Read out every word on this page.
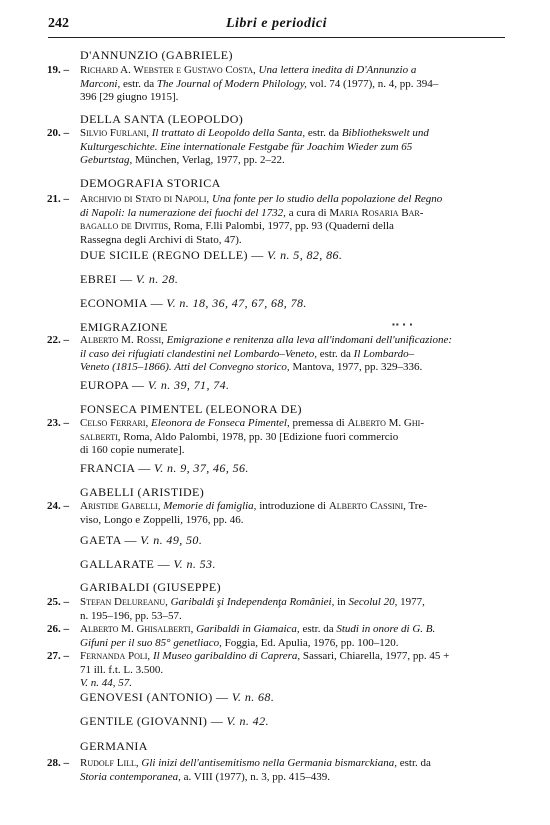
242	Libri e periodici
D'ANNUNZIO (GABRIELE)
19. – Richard A. Webster e Gustavo Costa, Una lettera inedita di D'Annunzio a
Marconi, estr. da The Journal of Modern Philology, vol. 74 (1977), n. 4, pp. 394–
396 [29 giugno 1915].
DELLA SANTA (LEOPOLDO)
20. – Silvio Furlani, Il trattato di Leopoldo della Santa, estr. da Bibliothekswelt und
Kulturgeschichte. Eine internationale Festgabe für Joachim Wieder zum 65
Geburtstag, München, Verlag, 1977, pp. 2–22.
DEMOGRAFIA STORICA
21. – Archivio di Stato di Napoli, Una fonte per lo studio della popolazione del Regno
di Napoli: la numerazione dei fuochi del 1732, a cura di Maria Rosaria Bar-
bagallo de Divitiis, Roma, F.lli Palombi, 1977, pp. 93 (Quaderni della
Rassegna degli Archivi di Stato, 47).
DUE SICILE (REGNO DELLE) — V. n. 5, 82, 86.
EBREI — V. n. 28.
ECONOMIA — V. n. 18, 36, 47, 67, 68, 78.
EMIGRAZIONE	▪▪ ▪ ▪
22. – Alberto M. Rossi, Emigrazione e renitenza alla leva all'indomani dell'unificazione:
il caso dei rifugiati clandestini nel Lombardo–Veneto, estr. da Il Lombardo–
Veneto (1815–1866). Atti del Convegno storico, Mantova, 1977, pp. 329–336.
EUROPA — V. n. 39, 71, 74.
FONSECA PIMENTEL (ELEONORA DE)
23. – Celso Ferrari, Eleonora de Fonseca Pimentel, premessa di Alberto M. Ghi-
salberti, Roma, Aldo Palombi, 1978, pp. 30 [Edizione fuori commercio
di 160 copie numerate].
FRANCIA — V. n. 9, 37, 46, 56.
GABELLI (ARISTIDE)
24. – Aristide Gabelli, Memorie di famiglia, introduzione di Alberto Cassini, Tre-
viso, Longo e Zoppelli, 1976, pp. 46.
GAETA — V. n. 49, 50.
GALLARATE — V. n. 53.
GARIBALDI (GIUSEPPE)
25. – Stefan Delureanu, Garibaldi şi Independenţa României, in Secolul 20, 1977,
n. 195–196, pp. 53–57.
26. – Alberto M. Ghisalberti, Garibaldi in Giamaica, estr. da Studi in onore di G. B.
Gifuni per il suo 85° genetliaco, Foggia, Ed. Apulia, 1976, pp. 100–120.
27. – Fernanda Poli, Il Museo garibaldino di Caprera, Sassari, Chiarella, 1977, pp. 45 +
71 ill. f.t. L. 3.500.
V. n. 44, 57.
GENOVESI (ANTONIO) — V. n. 68.
GENTILE (GIOVANNI) — V. n. 42.
GERMANIA
28. – Rudolf Lill, Gli inizi dell'antisemitismo nella Germania bismarckiana, estr. da
Storia contemporanea, a. VIII (1977), n. 3, pp. 415–439.
